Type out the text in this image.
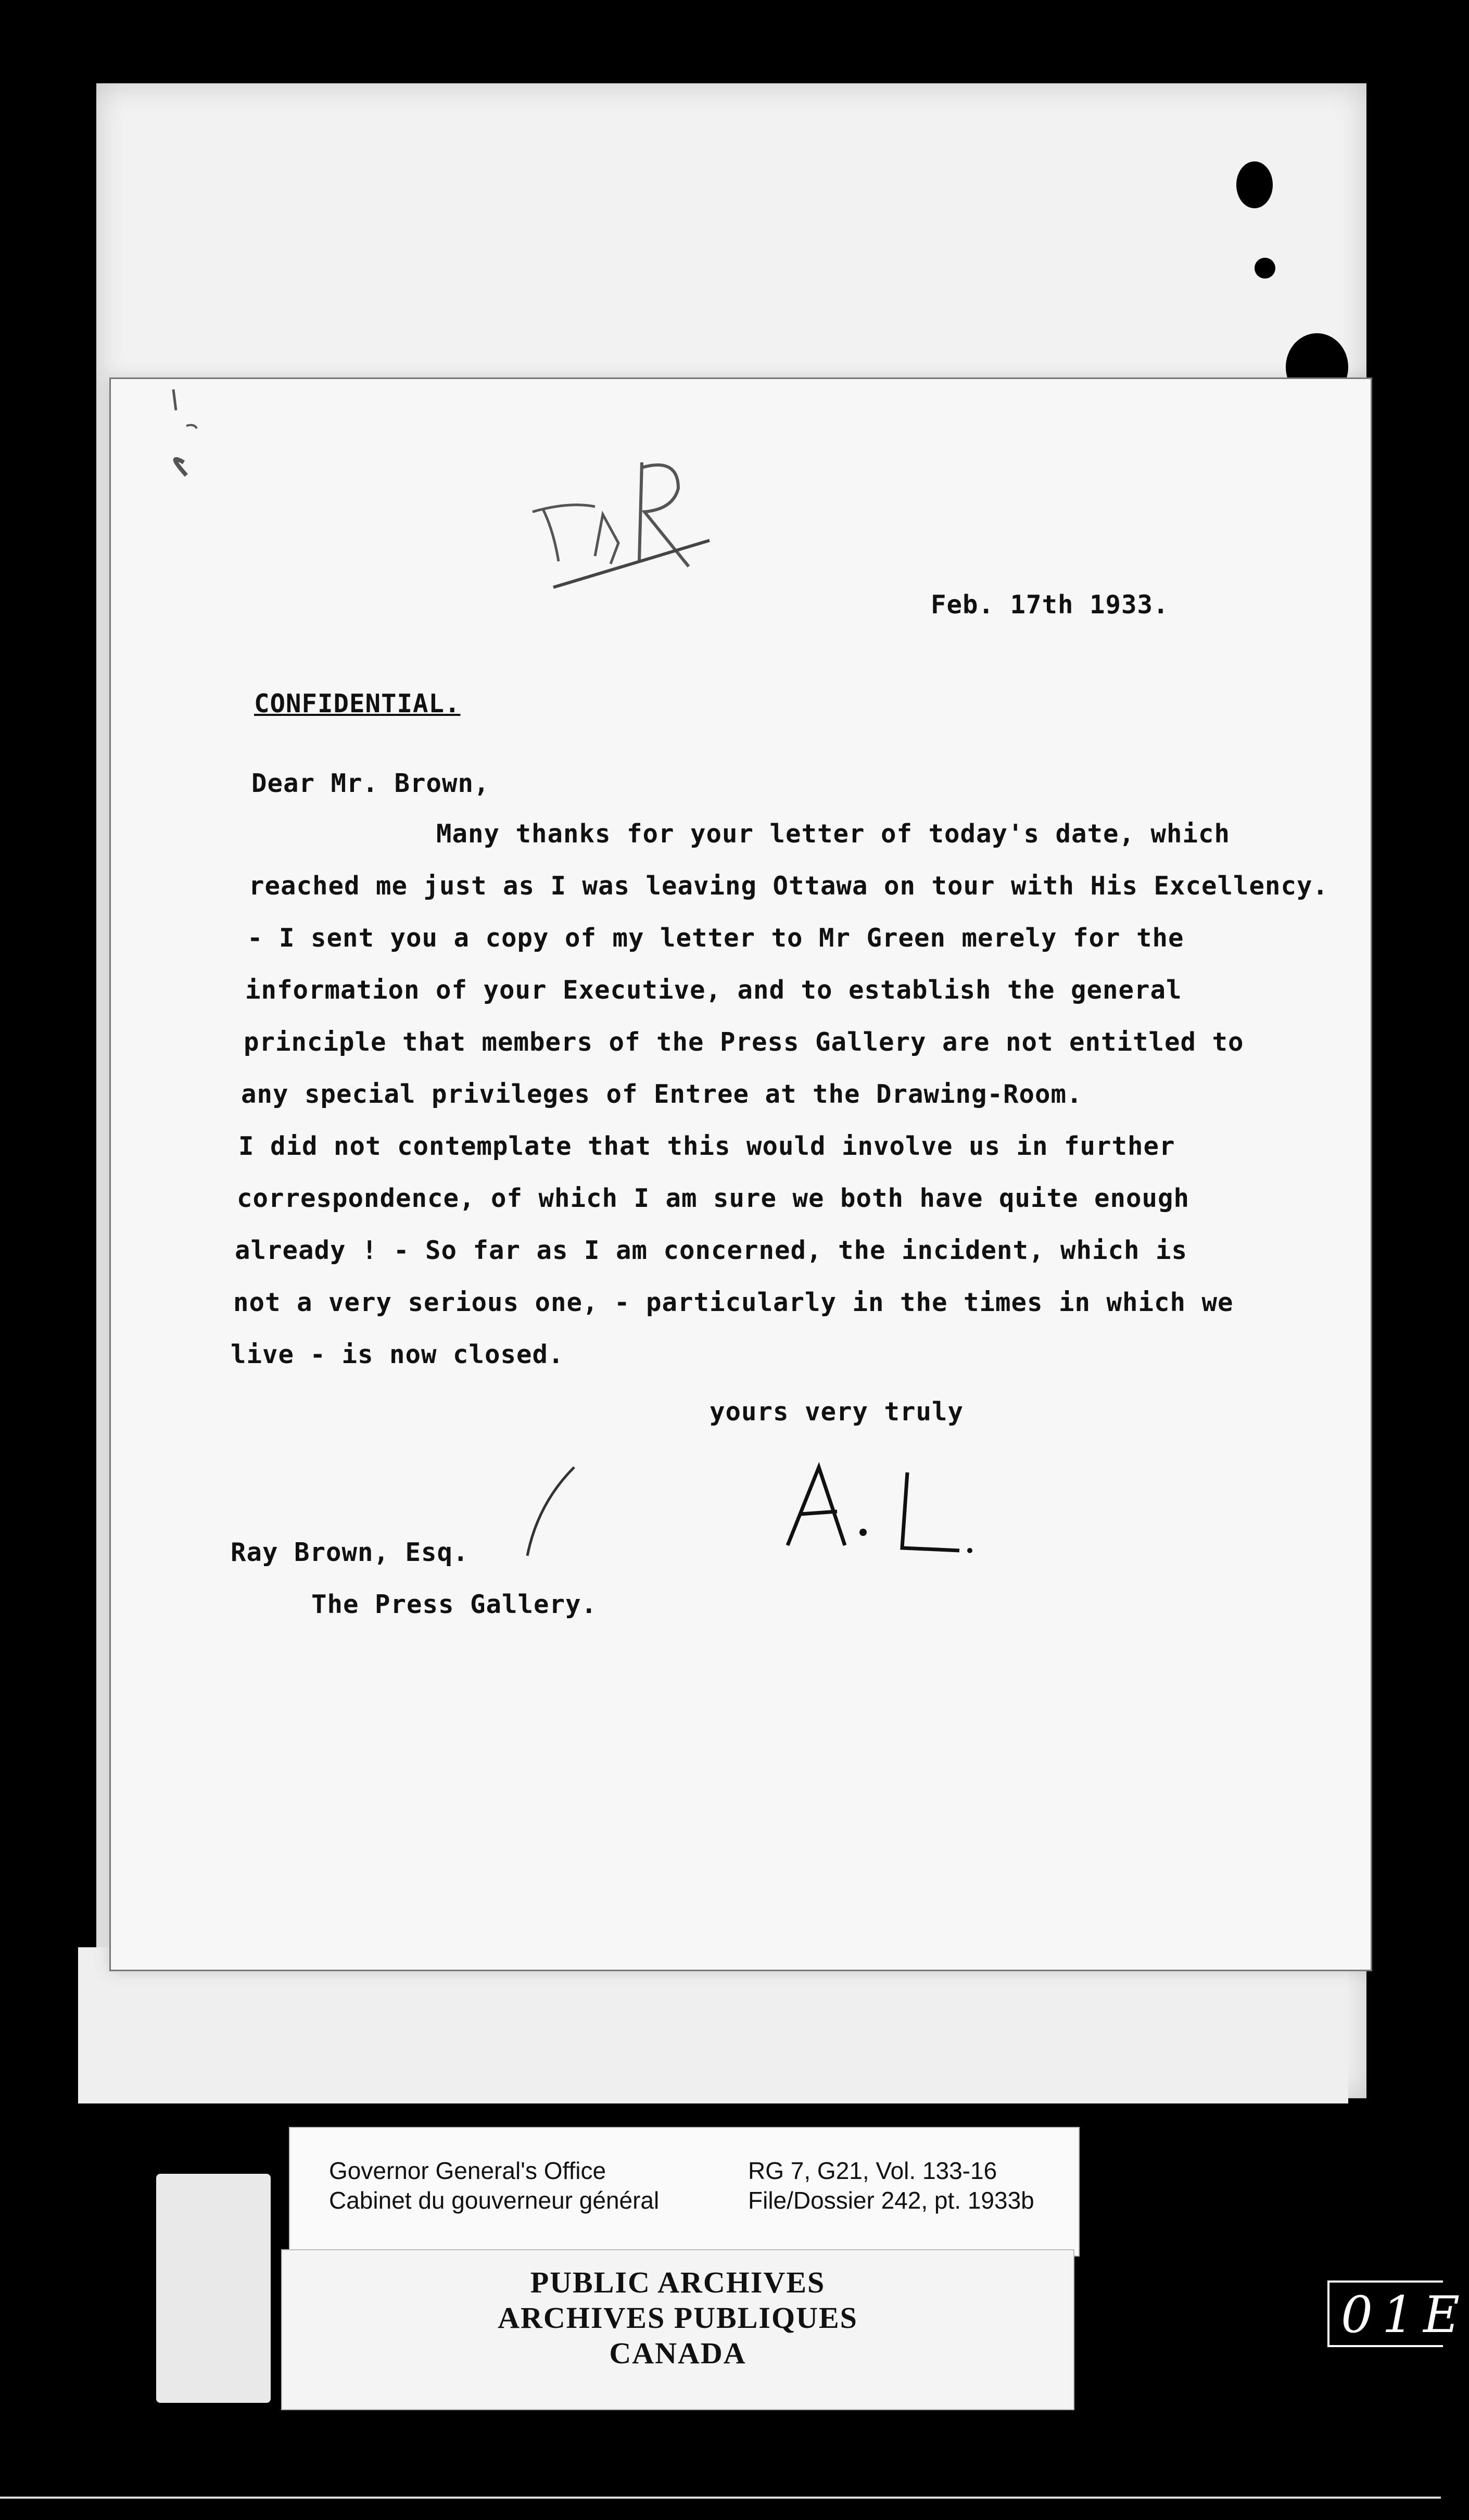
Feb. 17th 1933.
CONFIDENTIAL.
Dear Mr. Brown,
Many thanks for your letter of today's date, which
reached me just as I was leaving Ottawa on tour with His Excellency.
- I sent you a copy of my letter to Mr Green merely for the
information of your Executive, and to establish the general
principle that members of the Press Gallery are not entitled to
any special privileges of Entree at the Drawing-Room.
I did not contemplate that this would involve us in further
correspondence, of which I am sure we both have quite enough
already ! - So far as I am concerned, the incident, which is
not a very serious one, - particularly in the times in which we
live - is now closed.
yours very truly
A.L.
Ray Brown, Esq.
The Press Gallery.
Governor General's Office
Cabinet du gouverneur général
RG 7, G21, Vol. 133-16
File/Dossier 242, pt. 1933b
PUBLIC ARCHIVES
ARCHIVES PUBLIQUES
CANADA
01E
